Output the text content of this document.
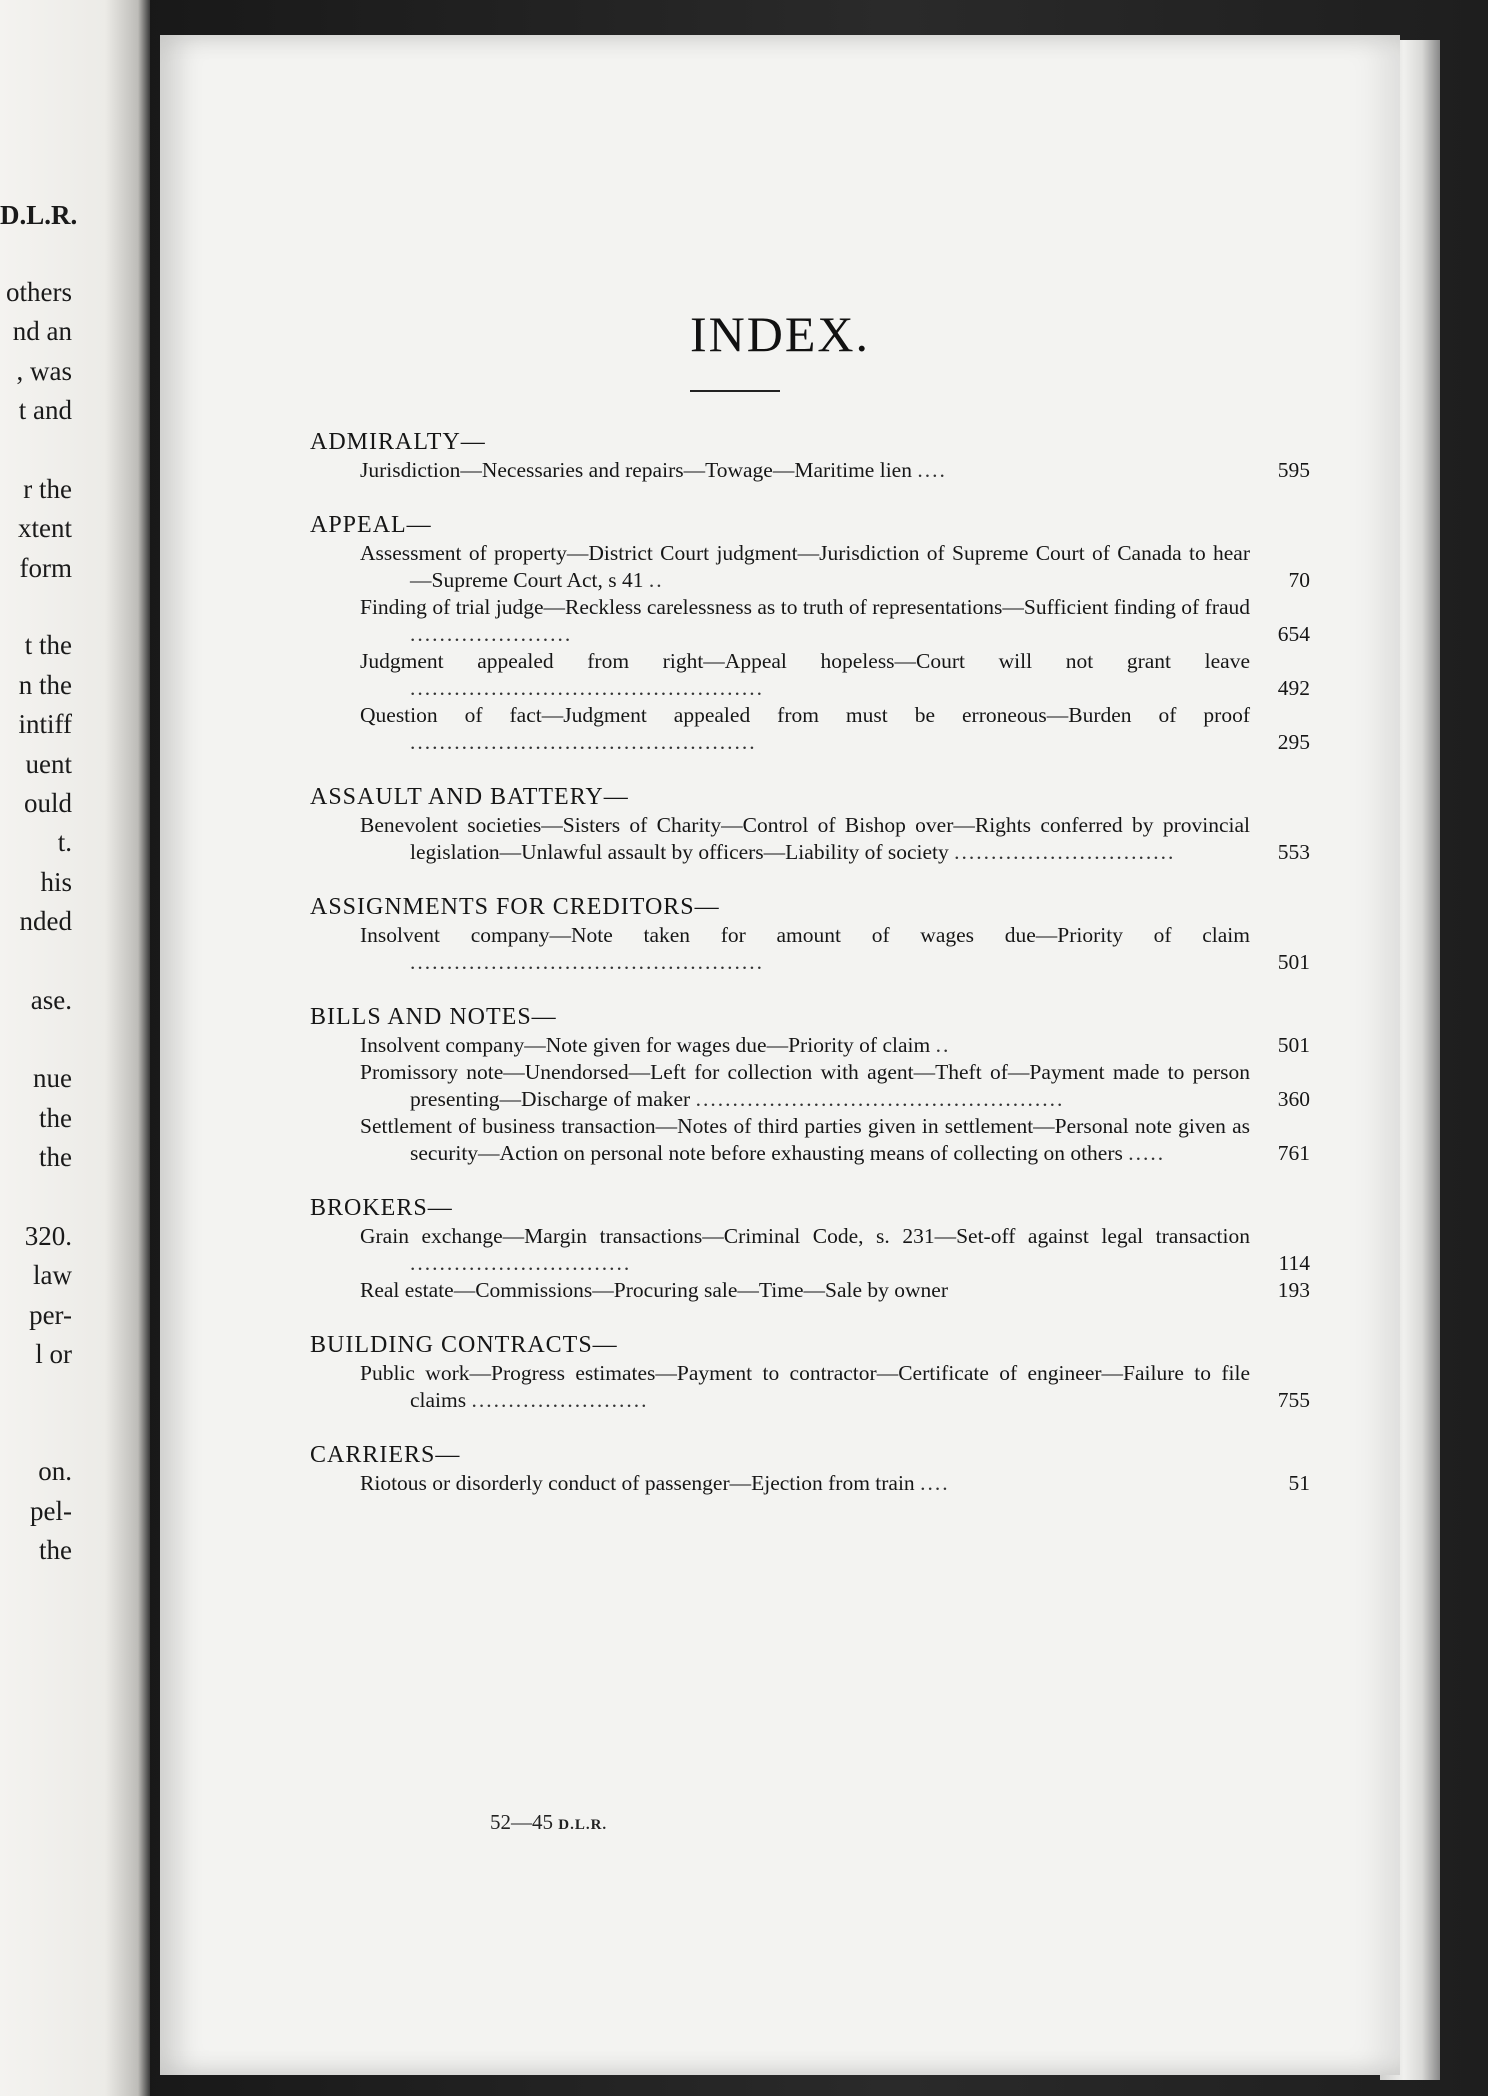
D.L.R.
others
nd an
, was
t and
r the
xtent
form
t the
n the
intiff
uent
ould
t.
his
nded
ase.
nue
the
the
320.
law
per-
l or
on.
pel-
the
INDEX.
ADMIRALTY—
Jurisdiction—Necessaries and repairs—Towage—Maritime lien ....	595
APPEAL—
Assessment of property—District Court judgment—Jurisdiction of Supreme Court of Canada to hear—Supreme Court Act, s 41 ..	70
Finding of trial judge—Reckless carelessness as to truth of representations—Sufficient finding of fraud ......................	654
Judgment appealed from right—Appeal hopeless—Court will not grant leave ................................................	492
Question of fact—Judgment appealed from must be erroneous—Burden of proof ...............................................	295
ASSAULT AND BATTERY—
Benevolent societies—Sisters of Charity—Control of Bishop over—Rights conferred by provincial legislation—Unlawful assault by officers—Liability of society ..............................	553
ASSIGNMENTS FOR CREDITORS—
Insolvent company—Note taken for amount of wages due—Priority of claim ................................................	501
BILLS AND NOTES—
Insolvent company—Note given for wages due—Priority of claim ..	501
Promissory note—Unendorsed—Left for collection with agent—Theft of—Payment made to person presenting—Discharge of maker ..................................................	360
Settlement of business transaction—Notes of third parties given in settlement—Personal note given as security—Action on personal note before exhausting means of collecting on others .....	761
BROKERS—
Grain exchange—Margin transactions—Criminal Code, s. 231—Set-off against legal transaction ..............................	114
Real estate—Commissions—Procuring sale—Time—Sale by owner	193
BUILDING CONTRACTS—
Public work—Progress estimates—Payment to contractor—Certificate of engineer—Failure to file claims ........................	755
CARRIERS—
Riotous or disorderly conduct of passenger—Ejection from train ....	51
52—45 D.L.R.
